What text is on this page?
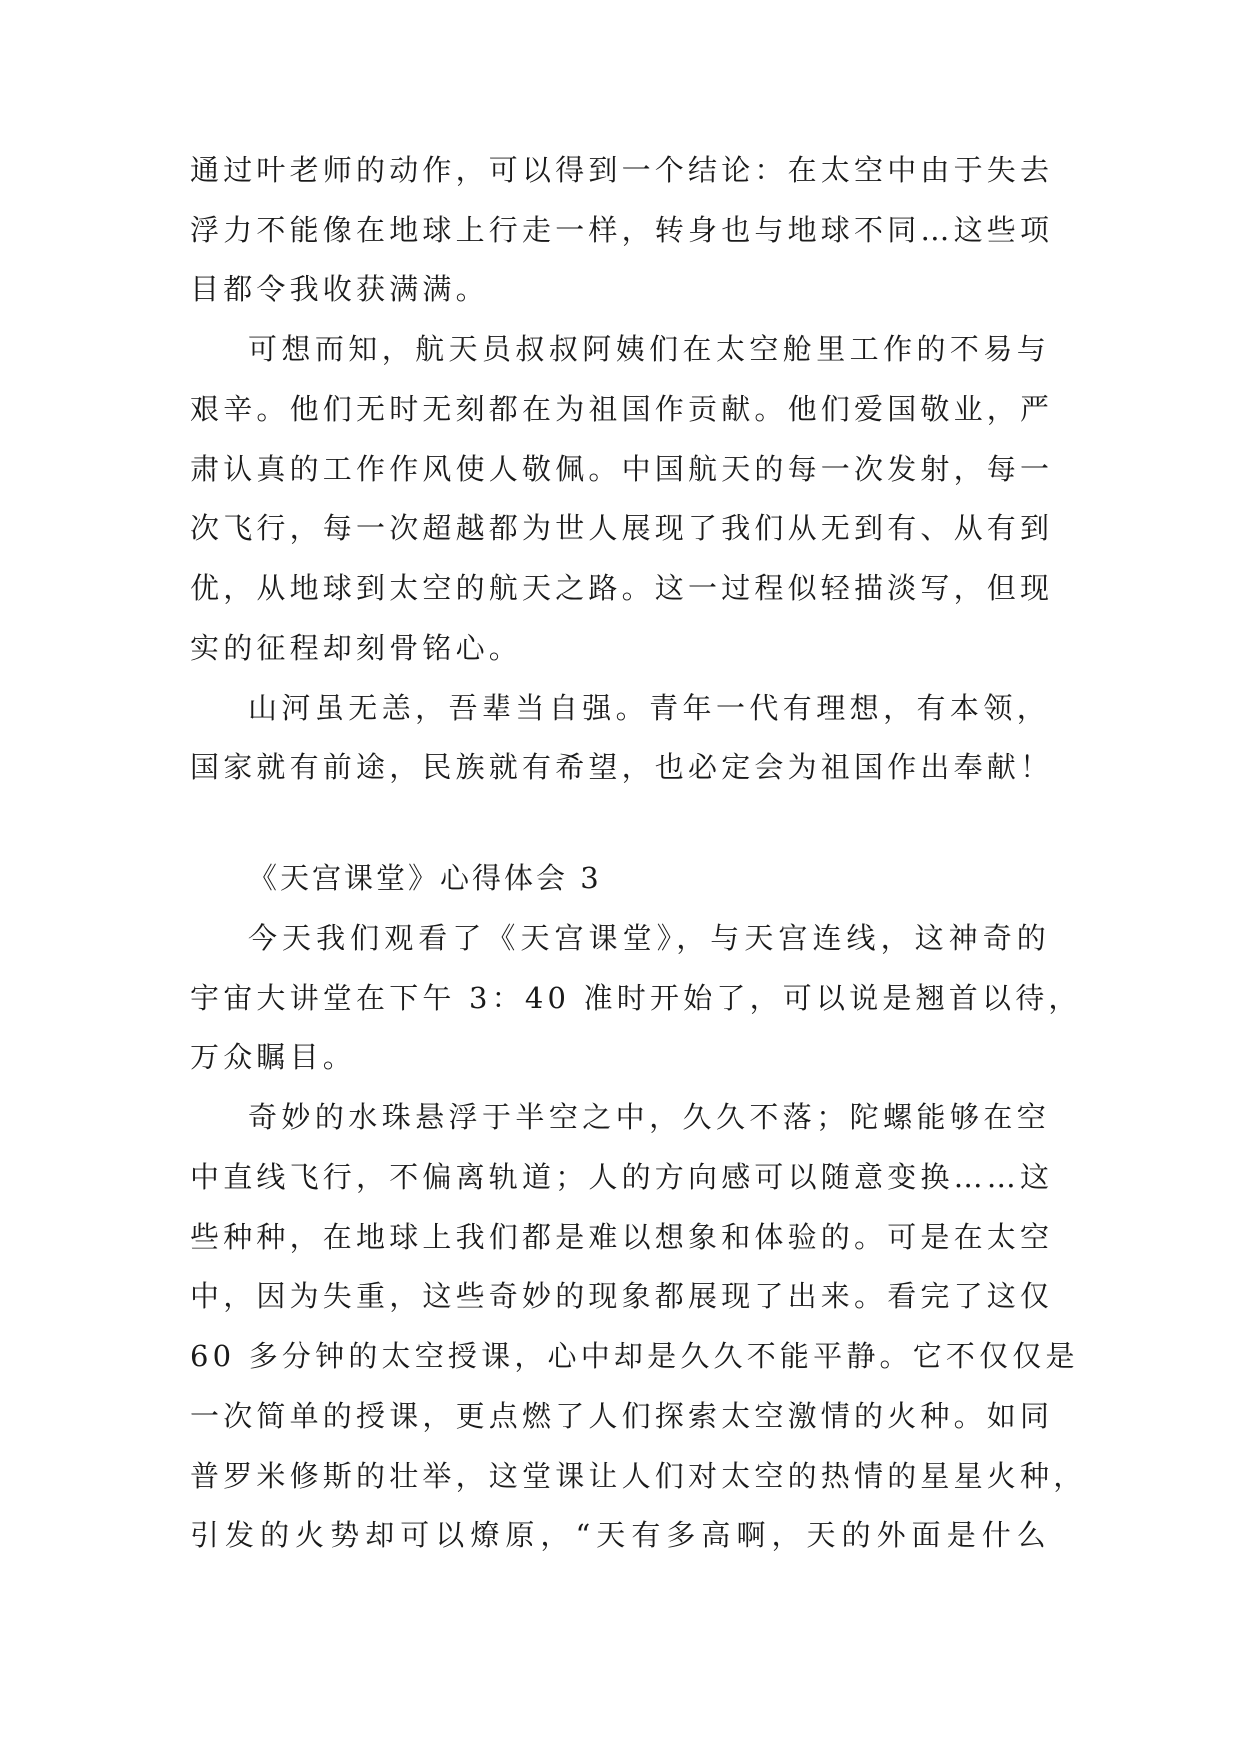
通过叶老师的动作，可以得到一个结论：在太空中由于失去
浮力不能像在地球上行走一样，转身也与地球不同…这些项
目都令我收获满满。
可想而知，航天员叔叔阿姨们在太空舱里工作的不易与
艰辛。他们无时无刻都在为祖国作贡献。他们爱国敬业，严
肃认真的工作作风使人敬佩。中国航天的每一次发射，每一
次飞行，每一次超越都为世人展现了我们从无到有、从有到
优，从地球到太空的航天之路。这一过程似轻描淡写，但现
实的征程却刻骨铭心。
山河虽无恙，吾辈当自强。青年一代有理想，有本领，
国家就有前途，民族就有希望，也必定会为祖国作出奉献！
《天宫课堂》心得体会 3
今天我们观看了《天宫课堂》，与天宫连线，这神奇的
宇宙大讲堂在下午 3：40 准时开始了，可以说是翘首以待，
万众瞩目。
奇妙的水珠悬浮于半空之中，久久不落；陀螺能够在空
中直线飞行，不偏离轨道；人的方向感可以随意变换……这
些种种，在地球上我们都是难以想象和体验的。可是在太空
中，因为失重，这些奇妙的现象都展现了出来。看完了这仅
60 多分钟的太空授课，心中却是久久不能平静。它不仅仅是
一次简单的授课，更点燃了人们探索太空激情的火种。如同
普罗米修斯的壮举，这堂课让人们对太空的热情的星星火种，
引发的火势却可以燎原，“天有多高啊，天的外面是什么
